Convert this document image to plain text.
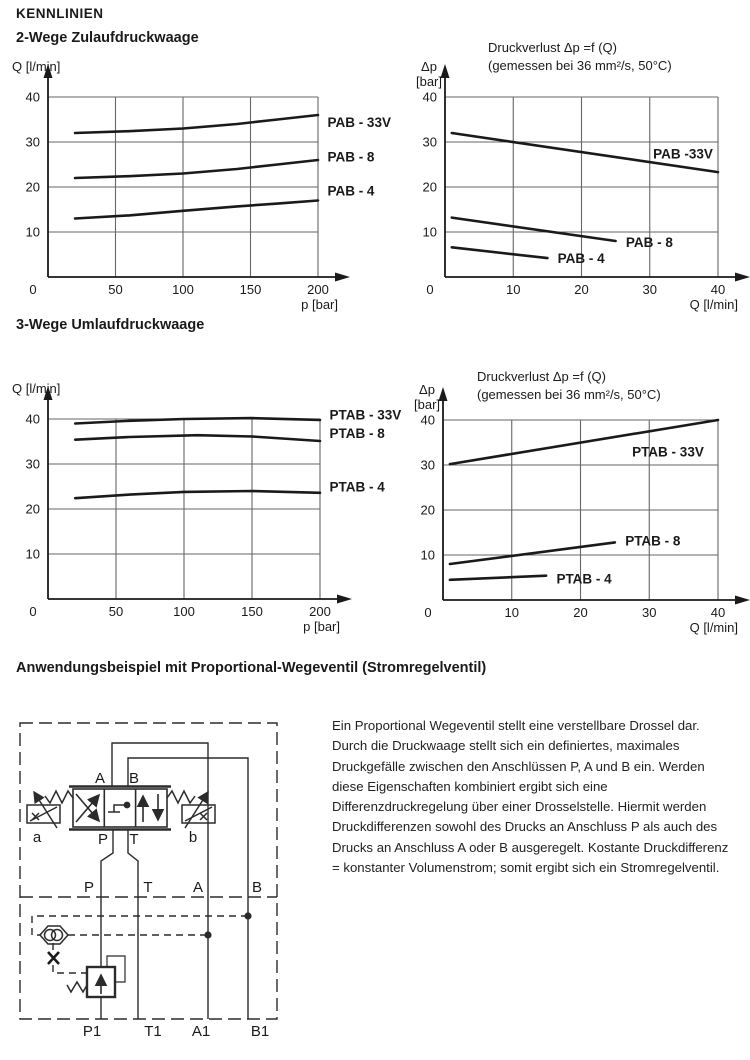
KENNLINIEN
2-Wege Zulaufdruckwaage
0	50	100	150	200
10
20
30
40
Q [l/min]
p [bar]
PAB - 33V
PAB - 8
PAB - 4
0	10	20	30	40
10
20
30
40
Δp
[bar]
Q [l/min]
Druckverlust Δp =f (Q)
(gemessen bei 36 mm²/s, 50°C)
PAB -33V
PAB - 8
PAB - 4
3-Wege Umlaufdruckwaage
0	50	100	150	200
10
20
30
40
Q [l/min]
p [bar]
PTAB - 33V
PTAB - 8
PTAB - 4
0	10	20	30	40
10
20
30
40
Δp
[bar]
Q [l/min]
Druckverlust Δp =f (Q)
(gemessen bei 36 mm²/s, 50°C)
PTAB - 33V
PTAB - 8
PTAB - 4
Anwendungsbeispiel mit Proportional-Wegeventil (Stromregelventil)
A B
P T
a	b
P	T	A	B
P1	T1 A1	B1
Ein Proportional Wegeventil stellt eine verstellbare Drossel dar. Durch die Druckwaage stellt sich ein definiertes, maximales Druckgefälle zwischen den Anschlüssen P, A und B ein. Werden diese Eigenschaften kombiniert ergibt sich eine Differenzdruckregelung über einer Drosselstelle. Hiermit werden Druckdifferenzen sowohl des Drucks an Anschluss P als auch des Drucks an Anschluss A oder B ausgeregelt. Kostante Druckdifferenz = konstanter Volumenstrom; somit ergibt sich ein Stromregelventil.
